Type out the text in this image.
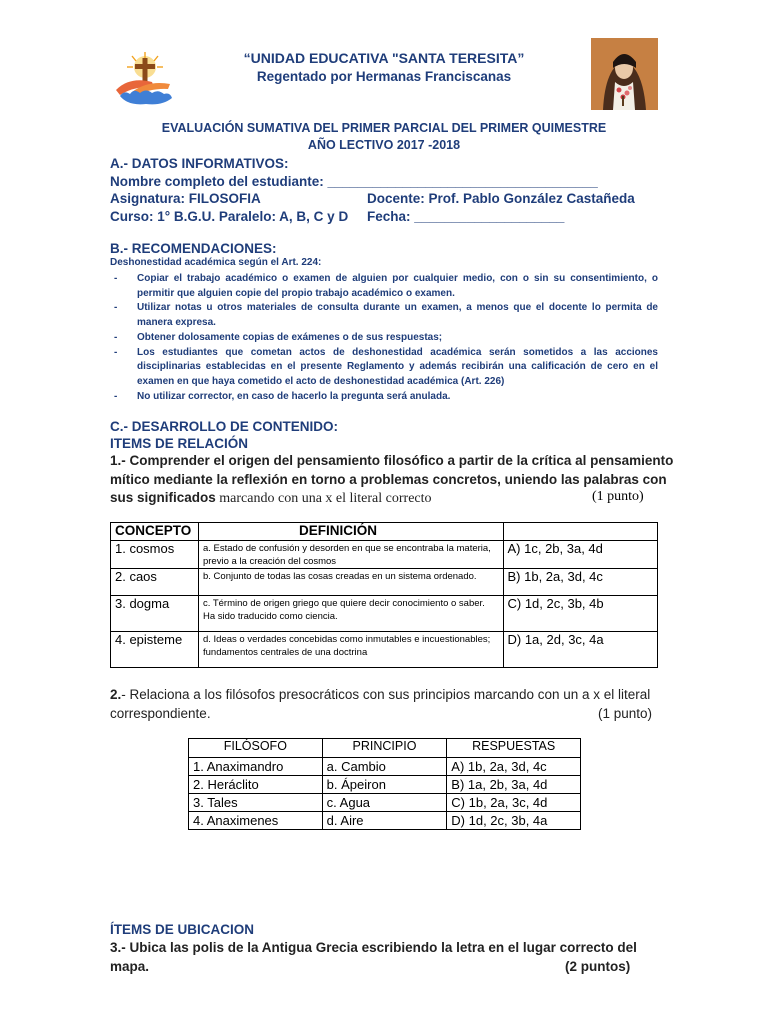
“UNIDAD EDUCATIVA "SANTA TERESITA”
Regentado por Hermanas Franciscanas
EVALUACIÓN SUMATIVA DEL PRIMER PARCIAL DEL PRIMER QUIMESTRE
AÑO LECTIVO 2017 -2018
A.- DATOS INFORMATIVOS:
Nombre completo del estudiante: ____________________________________
Asignatura: FILOSOFIA	Docente: Prof. Pablo González Castañeda
Curso: 1° B.G.U. Paralelo: A, B, C y D Fecha: ____________________
B.- RECOMENDACIONES:
Deshonestidad académica según el Art. 224:
- Copiar el trabajo académico o examen de alguien por cualquier medio, con o sin su consentimiento, o permitir que alguien copie del propio trabajo académico o examen.
- Utilizar notas u otros materiales de consulta durante un examen, a menos que el docente lo permita de manera expresa.
- Obtener dolosamente copias de exámenes o de sus respuestas;
- Los estudiantes que cometan actos de deshonestidad académica serán sometidos a las acciones disciplinarias establecidas en el presente Reglamento y además recibirán una calificación de cero en el examen en que haya cometido el acto de deshonestidad académica (Art. 226)
- No utilizar corrector, en caso de hacerlo la pregunta será anulada.
C.- DESARROLLO DE CONTENIDO:
ITEMS DE RELACIÓN
1.- Comprender el origen del pensamiento filosófico a partir de la crítica al pensamiento
mítico mediante la reflexión en torno a problemas concretos, uniendo las palabras con
sus significados marcando con una x el literal correcto	(1 punto)
CONCEPTO	DEFINICIÓN	
1. cosmos	a. Estado de confusión y desorden en que se encontraba la materia, previo a la creación del cosmos	A) 1c, 2b, 3a, 4d
2. caos	b. Conjunto de todas las cosas creadas en un sistema ordenado.	B) 1b, 2a, 3d, 4c
3. dogma	c. Término de origen griego que quiere decir conocimiento o saber. Ha sido traducido como ciencia.	C) 1d, 2c, 3b, 4b
4. episteme	d. Ideas o verdades concebidas como inmutables e incuestionables; fundamentos centrales de una doctrina	D) 1a, 2d, 3c, 4a
2.- Relaciona a los filósofos presocráticos con sus principios marcando con un a x el literal
correspondiente.	(1 punto)
FILÓSOFO	PRINCIPIO	RESPUESTAS
1. Anaximandro	a. Cambio	A) 1b, 2a, 3d, 4c
2. Heráclito	b. Ápeiron	B) 1a, 2b, 3a, 4d
3. Tales	c. Agua	C) 1b, 2a, 3c, 4d
4. Anaximenes	d. Aire	D) 1d, 2c, 3b, 4a
ÍTEMS DE UBICACION
3.- Ubica las polis de la Antigua Grecia escribiendo la letra en el lugar correcto del
mapa.	(2 puntos)
